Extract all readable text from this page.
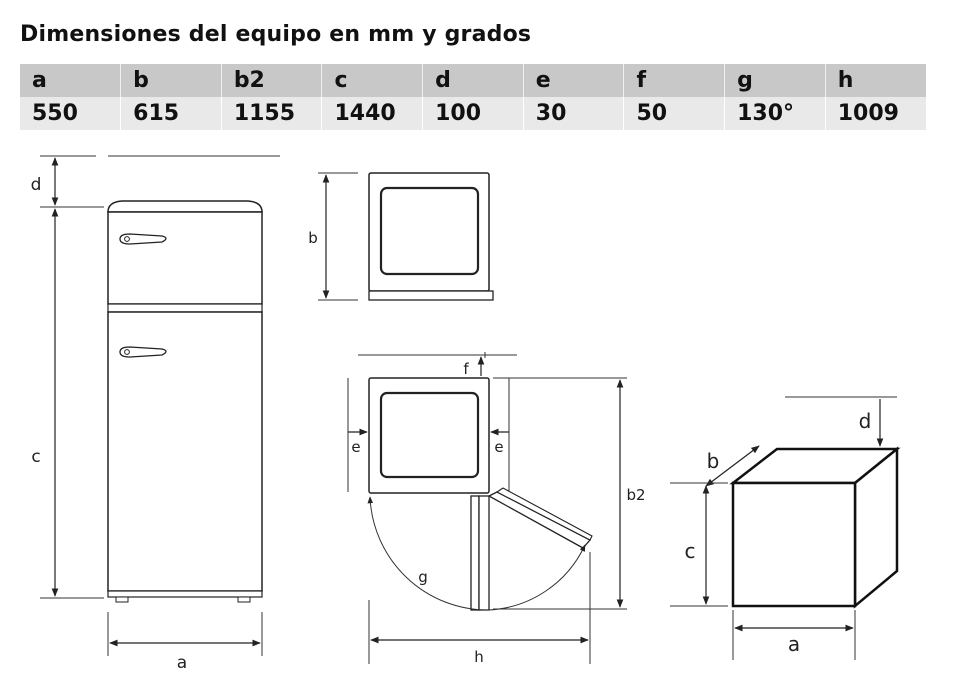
Dimensiones del equipo en mm y grados
a	b	b2	c	d	e	f	g	h
550	615	1155	1440	100	30	50	130°	1009
d
c
a
b
f
e	e
g
b2
h
d
b
c
a
